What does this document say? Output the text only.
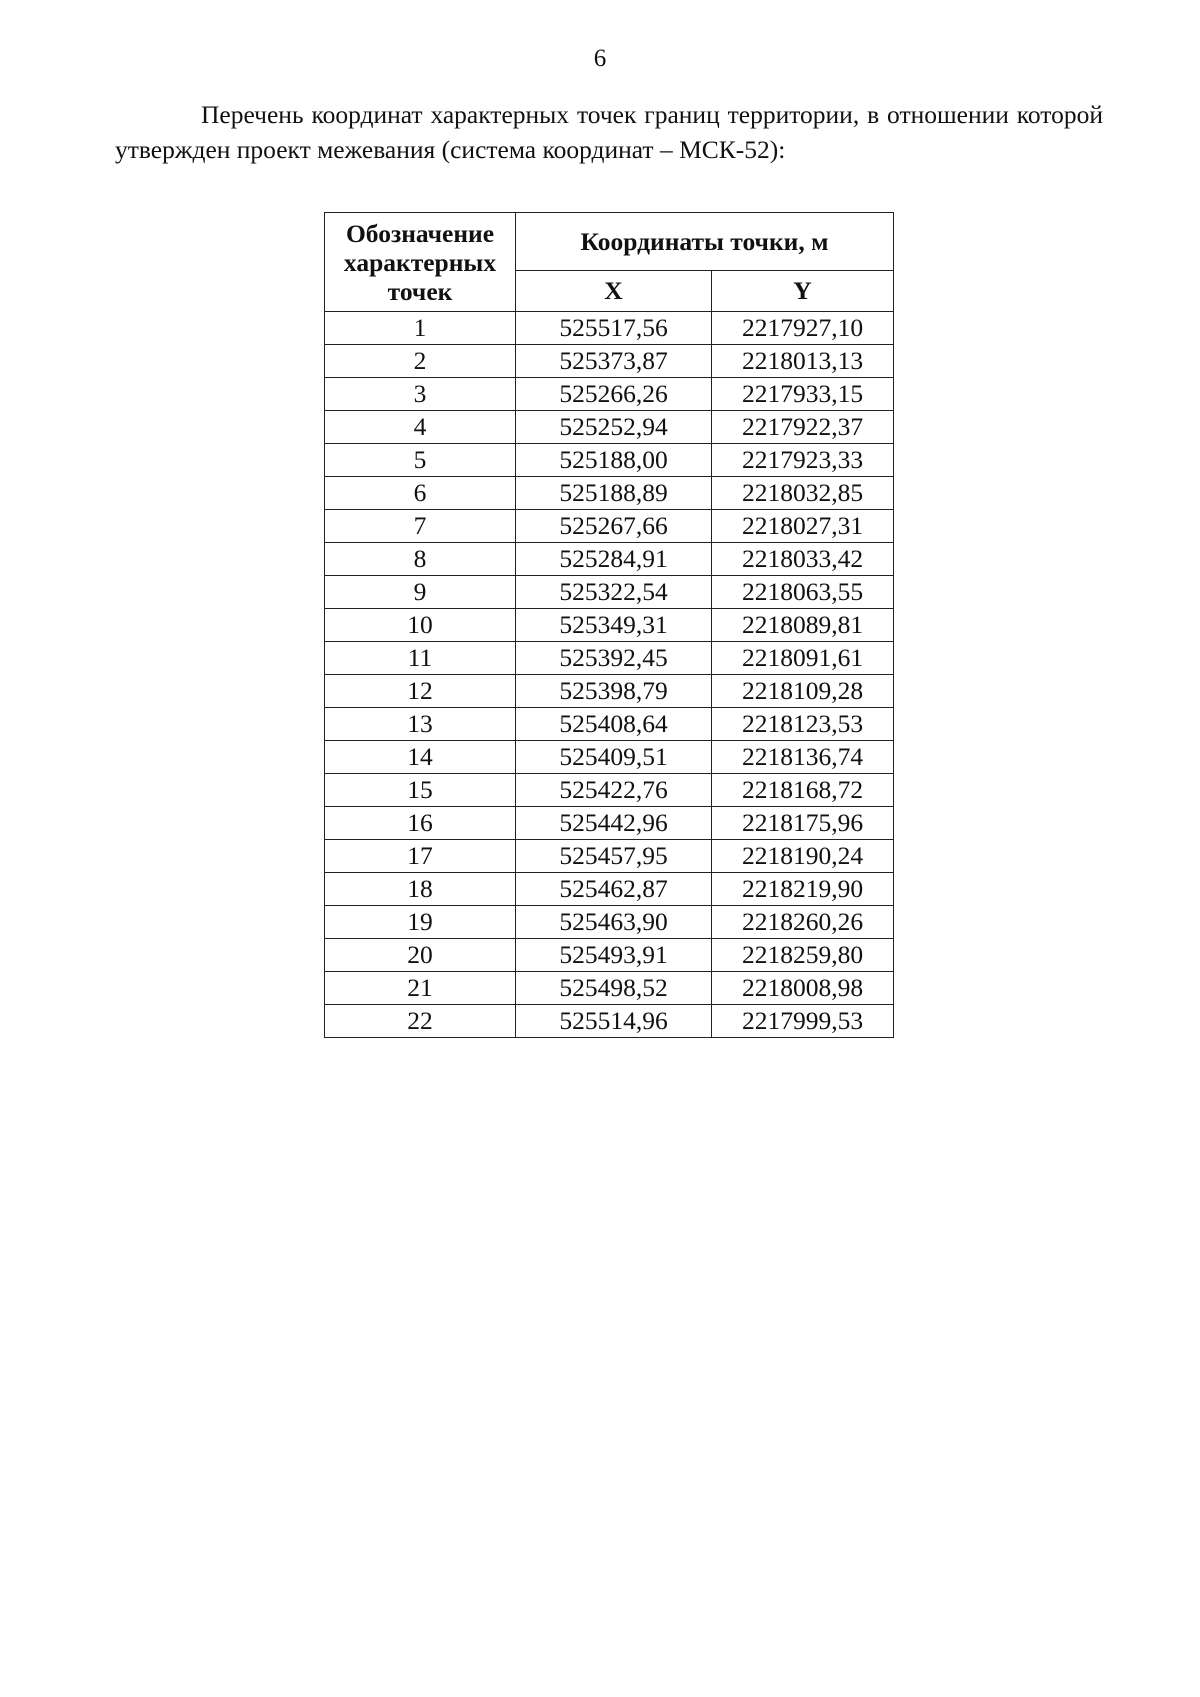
6

Перечень координат характерных точек границ территории, в отношении которой утвержден проект межевания (система координат – МСК-52):

Обозначение характерных точек	Координаты точки, м	
	X	Y
1	525517,56	2217927,10
2	525373,87	2218013,13
3	525266,26	2217933,15
4	525252,94	2217922,37
5	525188,00	2217923,33
6	525188,89	2218032,85
7	525267,66	2218027,31
8	525284,91	2218033,42
9	525322,54	2218063,55
10	525349,31	2218089,81
11	525392,45	2218091,61
12	525398,79	2218109,28
13	525408,64	2218123,53
14	525409,51	2218136,74
15	525422,76	2218168,72
16	525442,96	2218175,96
17	525457,95	2218190,24
18	525462,87	2218219,90
19	525463,90	2218260,26
20	525493,91	2218259,80
21	525498,52	2218008,98
22	525514,96	2217999,53
